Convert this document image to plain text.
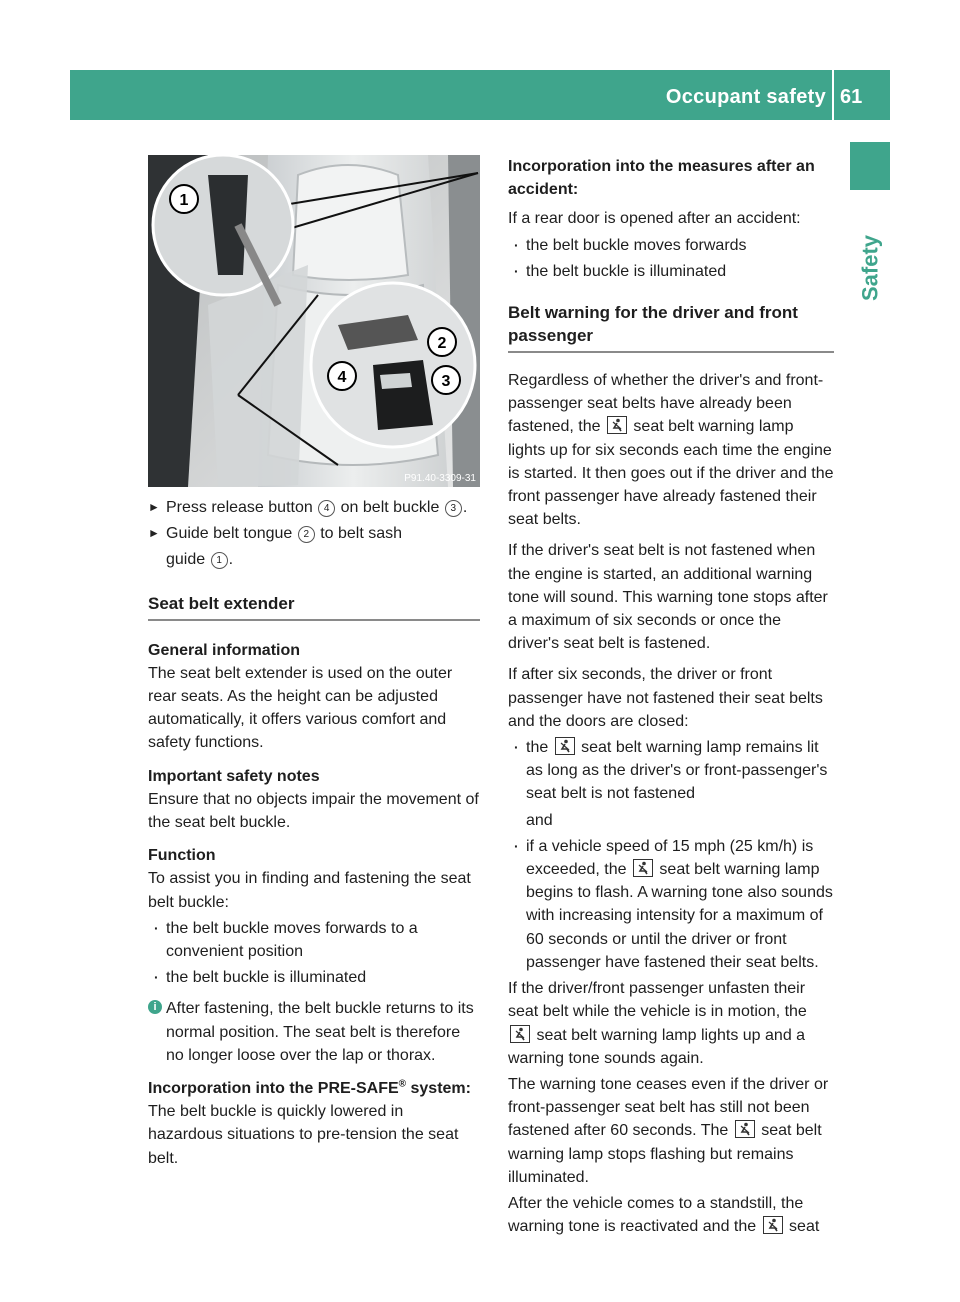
Occupant safety 61
Safety
1
2
3
4
P91.40-3309-31

► Press release button 4 on belt buckle 3 .

► Guide belt tongue 2 to belt sash

guide 1 .

Seat belt extender

General information

The seat belt extender is used on the outer rear seats. As the height can be adjusted automatically, it offers various comfort and safety functions.

Important safety notes

Ensure that no objects impair the movement of the seat belt buckle.

Function

To assist you in finding and fastening the seat belt buckle:

· the belt buckle moves forwards to a convenient position

· the belt buckle is illuminated

i After fastening, the belt buckle returns to its normal position. The seat belt is therefore no longer loose over the lap or thorax.

Incorporation into the PRE-SAFE® system:

The belt buckle is quickly lowered in hazardous situations to pre-tension the seat belt.

Incorporation into the measures after an accident:

If a rear door is opened after an accident:

· the belt buckle moves forwards

· the belt buckle is illuminated

Belt warning for the driver and front passenger

Regardless of whether the driver's and front-passenger seat belts have already been fastened, the
seat belt warning lamp lights up for six seconds each time the engine is started. It then goes out if the driver and the front passenger have already fastened their seat belts.

If the driver's seat belt is not fastened when the engine is started, an additional warning tone will sound. This warning tone stops after a maximum of six seconds or once the driver's seat belt is fastened.

If after six seconds, the driver or front passenger have not fastened their seat belts and the doors are closed:

· the
seat belt warning lamp remains lit as long as the driver's or front-passenger's seat belt is not fastened

and

· if a vehicle speed of 15 mph (25 km/h) is exceeded, the
seat belt warning lamp begins to flash. A warning tone also sounds with increasing intensity for a maximum of 60 seconds or until the driver or front passenger have fastened their seat belts.

If the driver/front passenger unfasten their seat belt while the vehicle is in motion, the
seat belt warning lamp lights up and a warning tone sounds again.

The warning tone ceases even if the driver or front-passenger seat belt has still not been fastened after 60 seconds. The
seat belt warning lamp stops flashing but remains illuminated.

After the vehicle comes to a standstill, the warning tone is reactivated and the
seat
